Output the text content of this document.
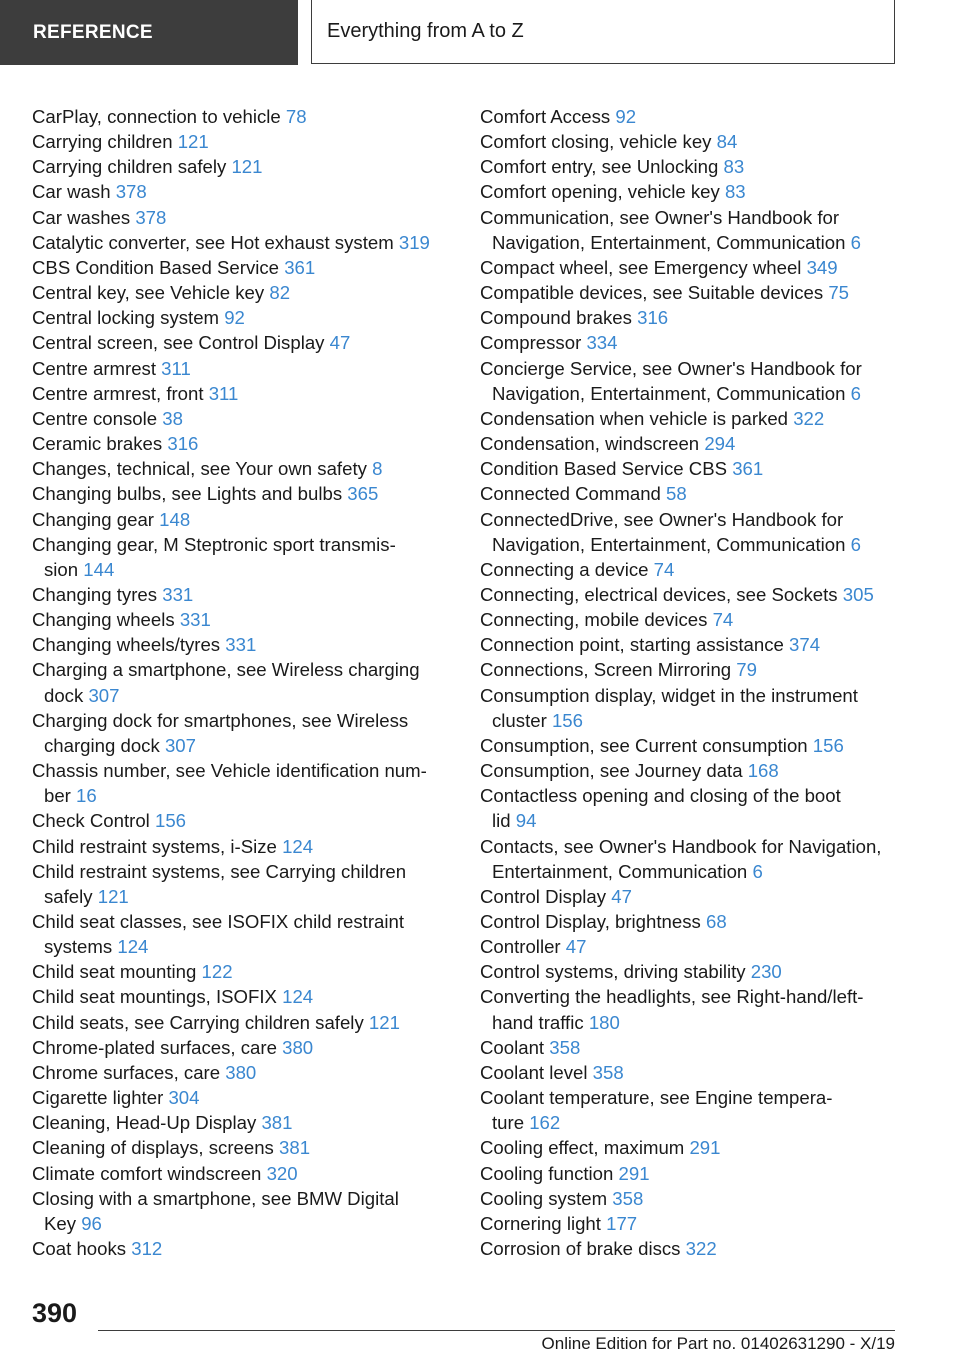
REFERENCE	Everything from A to Z
CarPlay, connection to vehicle 78
Carrying children 121
Carrying children safely 121
Car wash 378
Car washes 378
Catalytic converter, see Hot exhaust system 319
CBS Condition Based Service 361
Central key, see Vehicle key 82
Central locking system 92
Central screen, see Control Display 47
Centre armrest 311
Centre armrest, front 311
Centre console 38
Ceramic brakes 316
Changes, technical, see Your own safety 8
Changing bulbs, see Lights and bulbs 365
Changing gear 148
Changing gear, M Steptronic sport transmis-
sion 144
Changing tyres 331
Changing wheels 331
Changing wheels/tyres 331
Charging a smartphone, see Wireless charging
dock 307
Charging dock for smartphones, see Wireless
charging dock 307
Chassis number, see Vehicle identification num-
ber 16
Check Control 156
Child restraint systems, i-Size 124
Child restraint systems, see Carrying children
safely 121
Child seat classes, see ISOFIX child restraint
systems 124
Child seat mounting 122
Child seat mountings, ISOFIX 124
Child seats, see Carrying children safely 121
Chrome-plated surfaces, care 380
Chrome surfaces, care 380
Cigarette lighter 304
Cleaning, Head-Up Display 381
Cleaning of displays, screens 381
Climate comfort windscreen 320
Closing with a smartphone, see BMW Digital
Key 96
Coat hooks 312
Comfort Access 92
Comfort closing, vehicle key 84
Comfort entry, see Unlocking 83
Comfort opening, vehicle key 83
Communication, see Owner's Handbook for
Navigation, Entertainment, Communication 6
Compact wheel, see Emergency wheel 349
Compatible devices, see Suitable devices 75
Compound brakes 316
Compressor 334
Concierge Service, see Owner's Handbook for
Navigation, Entertainment, Communication 6
Condensation when vehicle is parked 322
Condensation, windscreen 294
Condition Based Service CBS 361
Connected Command 58
ConnectedDrive, see Owner's Handbook for
Navigation, Entertainment, Communication 6
Connecting a device 74
Connecting, electrical devices, see Sockets 305
Connecting, mobile devices 74
Connection point, starting assistance 374
Connections, Screen Mirroring 79
Consumption display, widget in the instrument
cluster 156
Consumption, see Current consumption 156
Consumption, see Journey data 168
Contactless opening and closing of the boot
lid 94
Contacts, see Owner's Handbook for Navigation,
Entertainment, Communication 6
Control Display 47
Control Display, brightness 68
Controller 47
Control systems, driving stability 230
Converting the headlights, see Right-hand/left-
hand traffic 180
Coolant 358
Coolant level 358
Coolant temperature, see Engine tempera-
ture 162
Cooling effect, maximum 291
Cooling function 291
Cooling system 358
Cornering light 177
Corrosion of brake discs 322
390
Online Edition for Part no. 01402631290 - X/19
